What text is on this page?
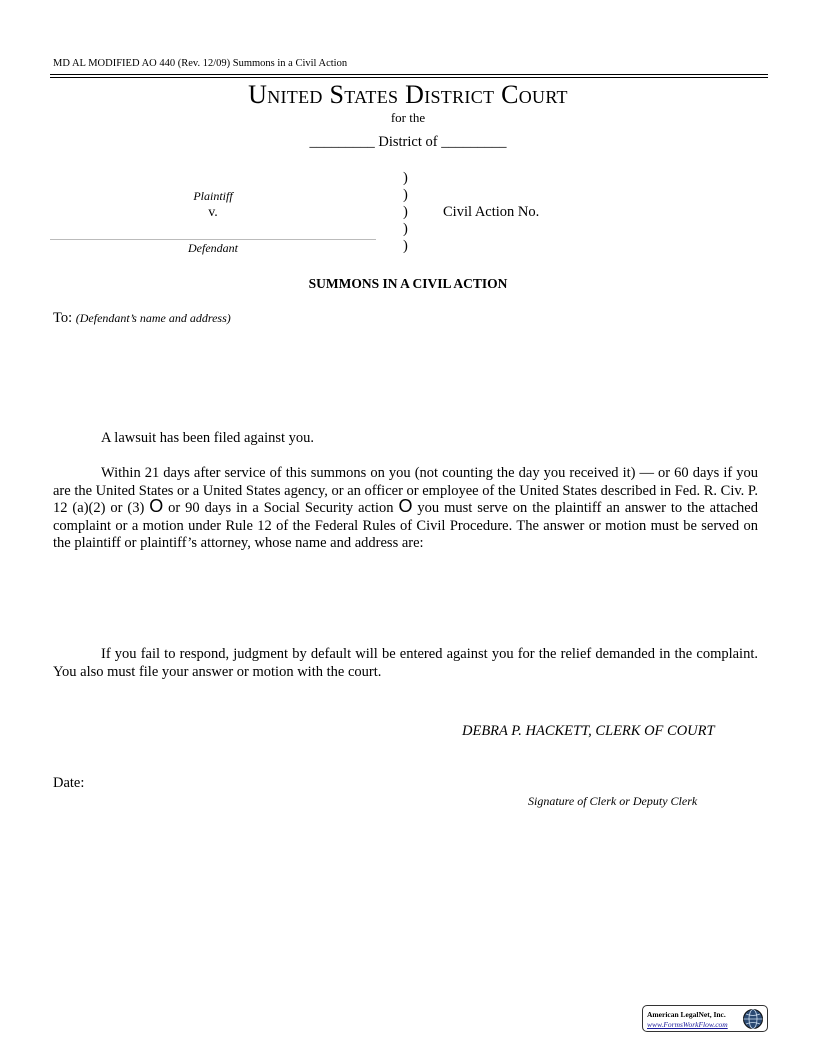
MD AL MODIFIED AO 440 (Rev. 12/09) Summons in a Civil Action
United States District Court
for the
_________ District of _________
Plaintiff
v.
Defendant
)
)
)
)
)
Civil Action No.
SUMMONS IN A CIVIL ACTION
To: (Defendant’s name and address)
A lawsuit has been filed against you.
Within 21 days after service of this summons on you (not counting the day you received it) — or 60 days if you are the United States or a United States agency, or an officer or employee of the United States described in Fed. R. Civ. P. 12 (a)(2) or (3) O or 90 days in a Social Security action O you must serve on the plaintiff an answer to the attached complaint or a motion under Rule 12 of the Federal Rules of Civil Procedure. The answer or motion must be served on the plaintiff or plaintiff’s attorney, whose name and address are:
If you fail to respond, judgment by default will be entered against you for the relief demanded in the complaint. You also must file your answer or motion with the court.
DEBRA P. HACKETT, CLERK OF COURT
Date:
Signature of Clerk or Deputy Clerk
American LegalNet, Inc.
www.FormsWorkFlow.com
